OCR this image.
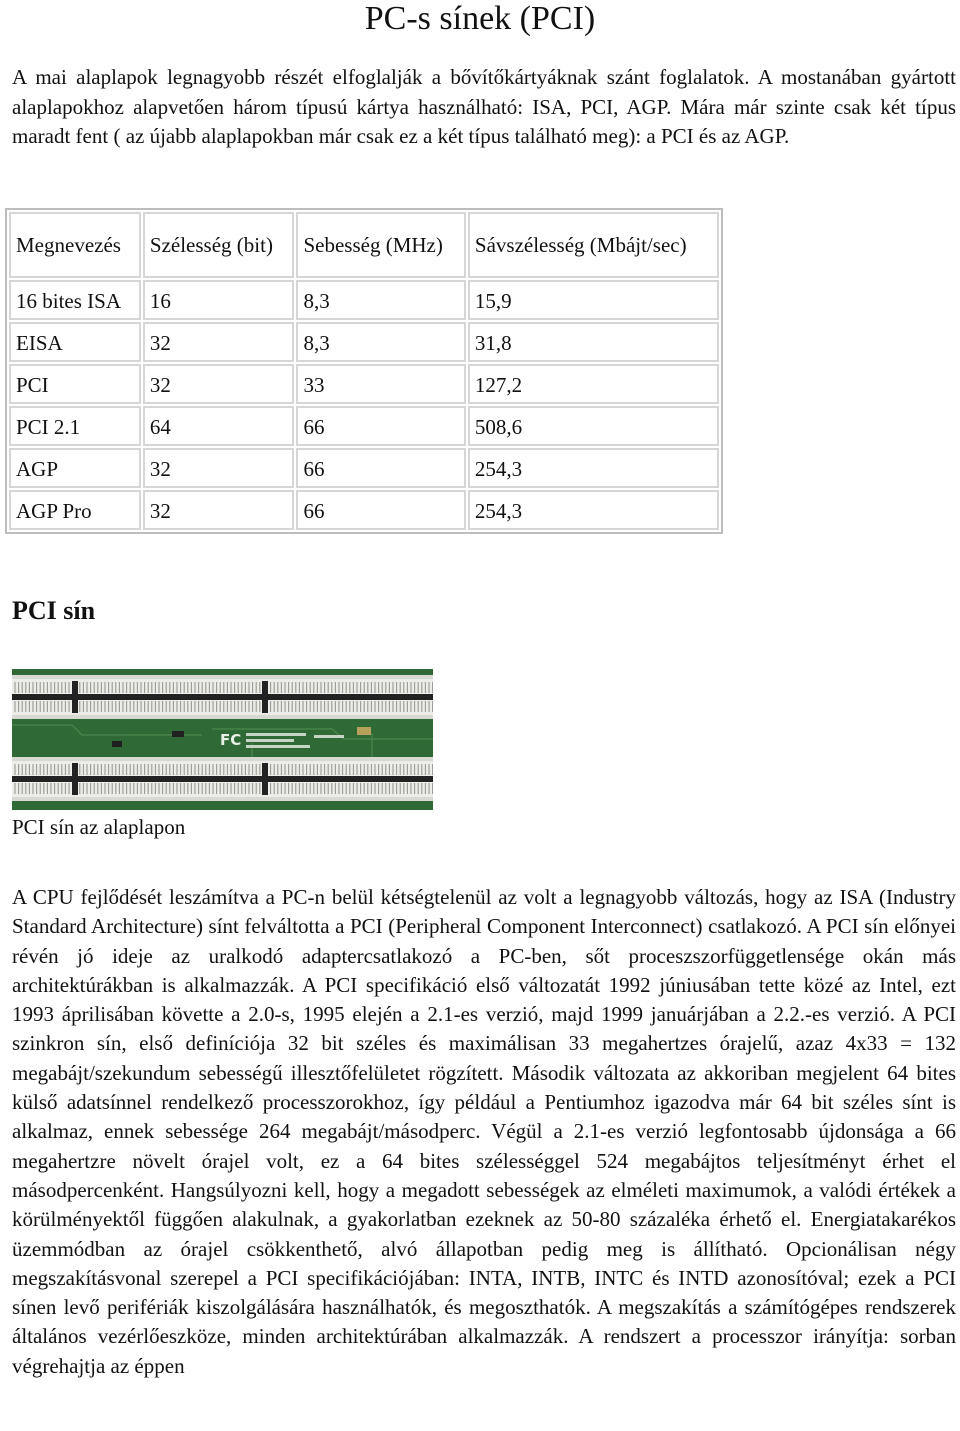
PC-s sínek (PCI)

A mai alaplapok legnagyobb részét elfoglalják a bővítőkártyáknak szánt foglalatok. A mostanában gyártott alaplapokhoz alapvetően három típusú kártya használható: ISA, PCI, AGP. Mára már szinte csak két típus maradt fent ( az újabb alaplapokban már csak ez a két típus található meg): a PCI és az AGP.

Megnevezés	Szélesség (bit)	Sebesség (MHz)	Sávszélesség (Mbájt/sec)
16 bites ISA	16	8,3	15,9
EISA	32	8,3	31,8
PCI	32	33	127,2
PCI 2.1	64	66	508,6
AGP	32	66	254,3
AGP Pro	32	66	254,3
PCI sín
FC

PCI sín az alaplapon

A CPU fejlődését leszámítva a PC-n belül kétségtelenül az volt a legnagyobb változás, hogy az ISA (Industry Standard Architecture) sínt felváltotta a PCI (Peripheral Component Interconnect) csatlakozó. A PCI sín előnyei révén jó ideje az uralkodó adaptercsatlakozó a PC-ben, sőt proceszszorfüggetlensége okán más architektúrákban is alkalmazzák. A PCI specifikáció első változatát 1992 júniusában tette közé az Intel, ezt 1993 áprilisában követte a 2.0-s, 1995 elején a 2.1-es verzió, majd 1999 januárjában a 2.2.-es verzió. A PCI szinkron sín, első definíciója 32 bit széles és maximálisan 33 megahertzes órajelű, azaz 4x33 = 132 megabájt/szekundum sebességű illesztőfelületet rögzített. Második változata az akkoriban megjelent 64 bites külső adatsínnel rendelkező processzorokhoz, így például a Pentiumhoz igazodva már 64 bit széles sínt is alkalmaz, ennek sebessége 264 megabájt/másodperc. Végül a 2.1-es verzió legfontosabb újdonsága a 66 megahertzre növelt órajel volt, ez a 64 bites szélességgel 524 megabájtos teljesítményt érhet el másodpercenként. Hangsúlyozni kell, hogy a megadott sebességek az elméleti maximumok, a valódi értékek a körülményektől függően alakulnak, a gyakorlatban ezeknek az 50-80 százaléka érhető el. Energiatakarékos üzemmódban az órajel csökkenthető, alvó állapotban pedig meg is állítható. Opcionálisan négy megszakításvonal szerepel a PCI specifikációjában: INTA, INTB, INTC és INTD azonosítóval; ezek a PCI sínen levő perifériák kiszolgálására használhatók, és megoszthatók. A megszakítás a számítógépes rendszerek általános vezérlőeszköze, minden architektúrában alkalmazzák. A rendszert a processzor irányítja: sorban végrehajtja az éppen
